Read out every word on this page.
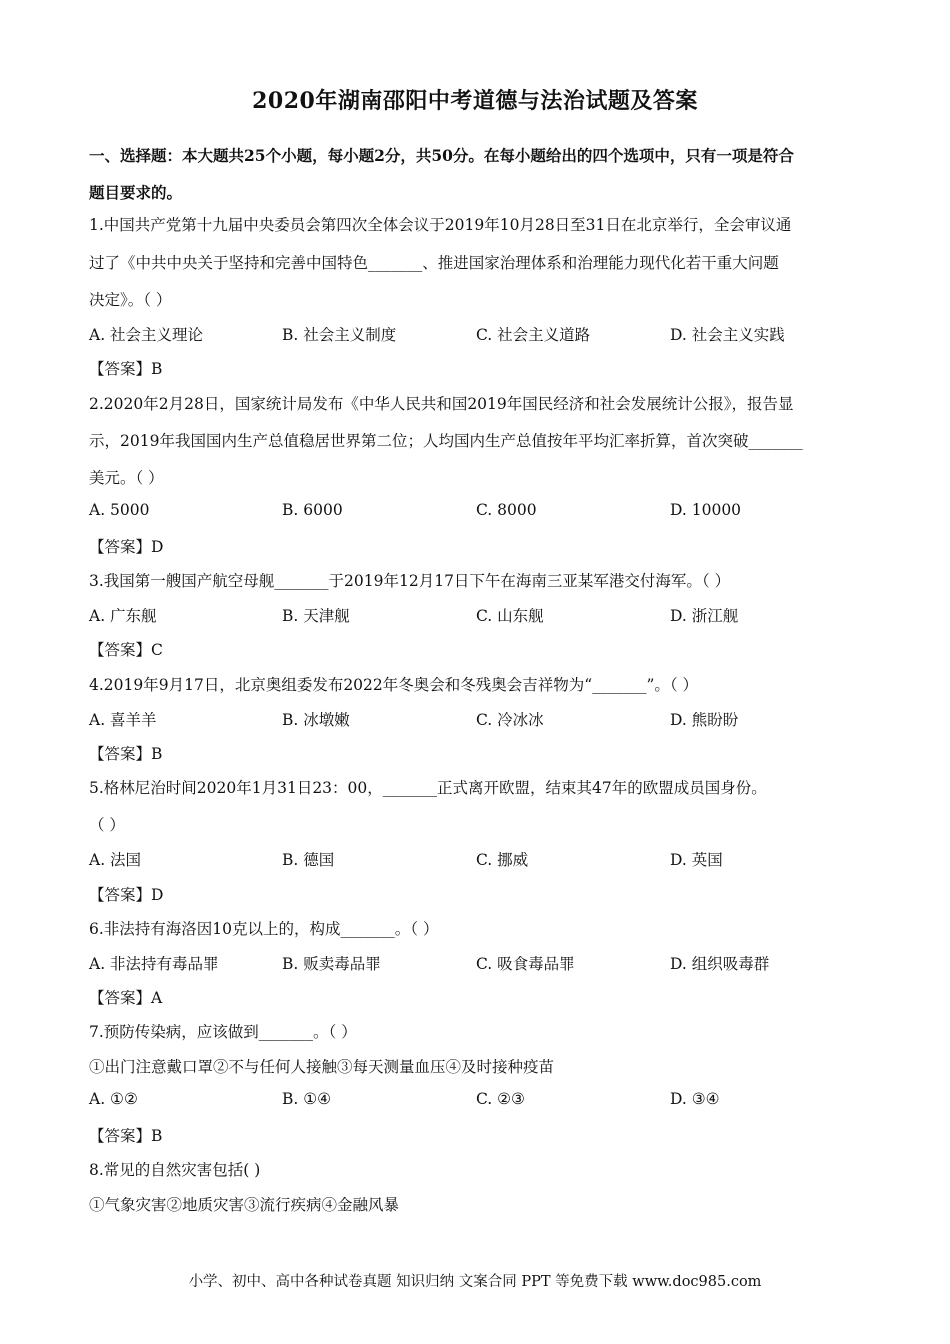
2020年湖南邵阳中考道德与法治试题及答案
一、选择题：本大题共25个小题，每小题2分，共50分。在每小题给出的四个选项中，只有一项是符合
题目要求的。
1.中国共产党第十九届中央委员会第四次全体会议于2019年10月28日至31日在北京举行，全会审议通
过了《中共中央关于坚持和完善中国特色_______、推进国家治理体系和治理能力现代化若干重大问题
决定》。（ ）
A. 社会主义理论	B. 社会主义制度	C. 社会主义道路	D. 社会主义实践
【答案】B
2.2020年2月28日，国家统计局发布《中华人民共和国2019年国民经济和社会发展统计公报》，报告显
示，2019年我国国内生产总值稳居世界第二位；人均国内生产总值按年平均汇率折算，首次突破_______
美元。（ ）
A. 5000	B. 6000	C. 8000	D. 10000
【答案】D
3.我国第一艘国产航空母舰_______于2019年12月17日下午在海南三亚某军港交付海军。（ ）
A. 广东舰	B. 天津舰	C. 山东舰	D. 浙江舰
【答案】C
4.2019年9月17日，北京奥组委发布2022年冬奥会和冬残奥会吉祥物为“_______”。（ ）
A. 喜羊羊	B. 冰墩嫩	C. 冷冰冰	D. 熊盼盼
【答案】B
5.格林尼治时间2020年1月31日23：00，_______正式离开欧盟，结束其47年的欧盟成员国身份。
（ ）
A. 法国	B. 德国	C. 挪威	D. 英国
【答案】D
6.非法持有海洛因10克以上的，构成_______。（ ）
A. 非法持有毒品罪	B. 贩卖毒品罪	C. 吸食毒品罪	D. 组织吸毒群
【答案】A
7.预防传染病，应该做到_______。（ ）
①出门注意戴口罩②不与任何人接触③每天测量血压④及时接种疫苗
A. ①②	B. ①④	C. ②③	D. ③④
【答案】B
8.常见的自然灾害包括( )
①气象灾害②地质灾害③流行疾病④金融风暴
小学、初中、高中各种试卷真题 知识归纳 文案合同 PPT 等免费下载 www.doc985.com
